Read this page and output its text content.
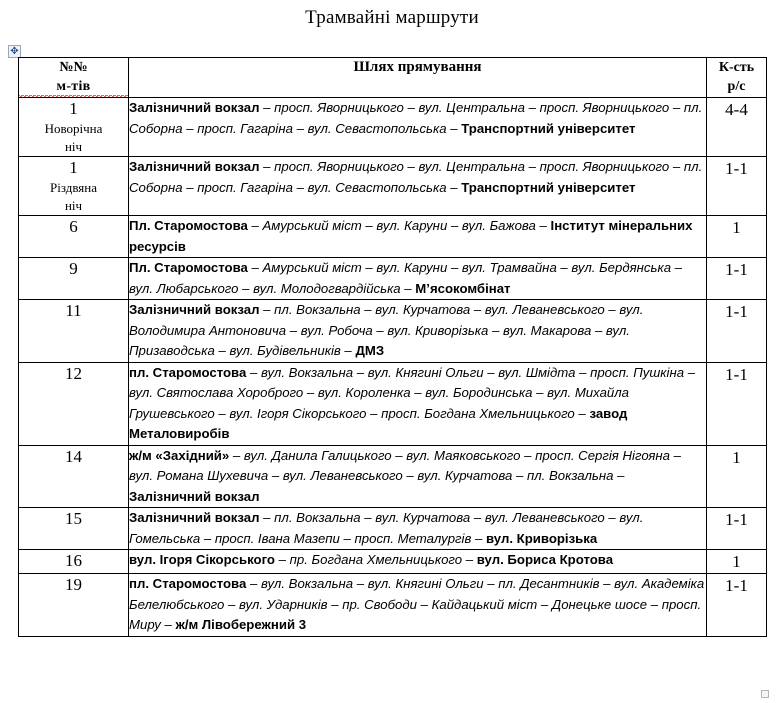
Трамвайні маршрути
✥
№№
м-тів	Шлях прямування	К-сть
р/с

1
Новорічна
ніч	Залізничний вокзал – просп. Яворницького – вул. Центральна – просп. Яворницького – пл. Соборна – просп. Гагаріна – вул. Севастопольська – Транспортний університет	4-4

1
Різдвяна
ніч	Залізничний вокзал – просп. Яворницького – вул. Центральна – просп. Яворницького – пл. Соборна – просп. Гагаріна – вул. Севастопольська – Транспортний університет	1-1

6	Пл. Старомостова – Амурський міст – вул. Каруни – вул. Бажова – Інститут мінеральних ресурсів	1

9	Пл. Старомостова – Амурський міст – вул. Каруни – вул. Трамвайна – вул. Бердянська – вул. Любарського – вул. Молодогвардійська – М’ясокомбінат	1-1

11	Залізничний вокзал – пл. Вокзальна – вул. Курчатова – вул. Леваневського – вул. Володимира Антоновича – вул. Робоча – вул. Криворізька – вул. Макарова – вул. Призаводська – вул. Будівельників – ДМЗ	1-1

12	пл. Старомостова – вул. Вокзальна – вул. Княгині Ольги – вул. Шмідта – просп. Пушкіна – вул. Святослава Хороброго – вул. Короленка – вул. Бородинська – вул. Михайла Грушевського – вул. Ігоря Сікорського – просп. Богдана Хмельницького – завод Металовиробів	1-1

14	ж/м «Західний» – вул. Данила Галицького – вул. Маяковського – просп. Сергія Нігояна – вул. Романа Шухевича – вул. Леваневського – вул. Курчатова – пл. Вокзальна – Залізничний вокзал	1

15	Залізничний вокзал – пл. Вокзальна – вул. Курчатова – вул. Леваневського – вул. Гомельська – просп. Івана Мазепи – просп. Металургів – вул. Криворізька	1-1

16	вул. Ігоря Сікорського – пр. Богдана Хмельницького – вул. Бориса Кротова	1

19	пл. Старомостова – вул. Вокзальна – вул. Княгині Ольги – пл. Десантників – вул. Академіка Белелюбського – вул. Ударників – пр. Свободи – Кайдацький міст – Донецьке шосе – просп. Миру – ж/м Лівобережний 3	1-1
